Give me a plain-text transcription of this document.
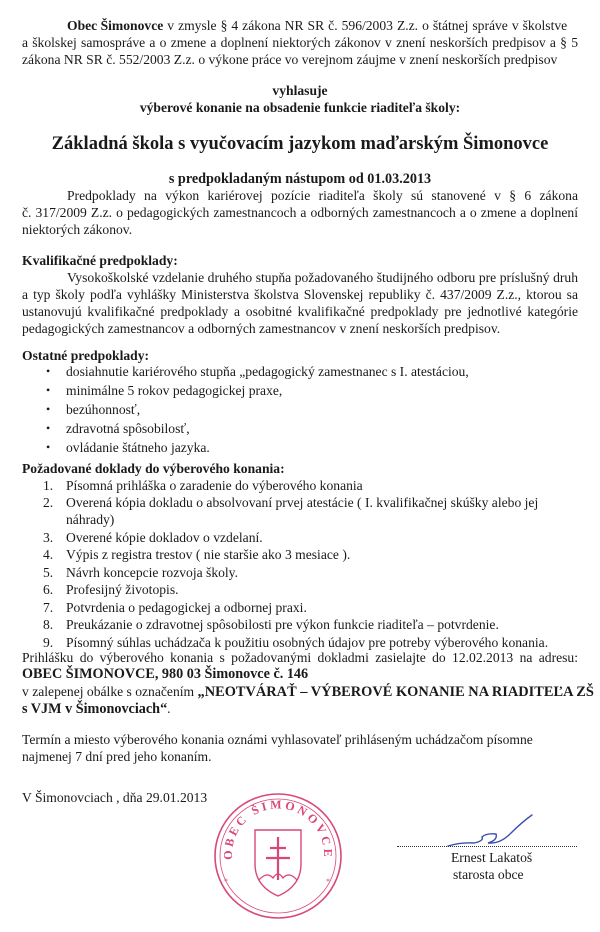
Obec Šimonovce v zmysle § 4 zákona NR SR č. 596/2003 Z.z. o štátnej správe v školstve
a školskej samospráve a o zmene a doplnení niektorých zákonov v znení neskorších predpisov a § 5
zákona NR SR č. 552/2003 Z.z. o výkone práce vo verejnom záujme v znení neskorších predpisov
vyhlasuje
výberové konanie na obsadenie funkcie riaditeľa školy:
Základná škola s vyučovacím jazykom maďarským Šimonovce
s predpokladaným nástupom od 01.03.2013
Predpoklady na výkon kariérovej pozície riaditeľa školy sú stanovené v § 6 zákona
č. 317/2009 Z.z. o pedagogických zamestnancoch a odborných zamestnancoch a o zmene a doplnení
niektorých zákonov.
Kvalifikačné predpoklady:
Vysokoškolské vzdelanie druhého stupňa požadovaného študijného odboru pre príslušný druh
a typ školy podľa vyhlášky Ministerstva školstva Slovenskej republiky č. 437/2009 Z.z., ktorou sa
ustanovujú kvalifikačné predpoklady a osobitné kvalifikačné predpoklady pre jednotlivé kategórie
pedagogických zamestnancov a odborných zamestnancov v znení neskorších predpisov.
Ostatné predpoklady:
• dosiahnutie kariérového stupňa „pedagogický zamestnanec s I. atestáciou,
• minimálne 5 rokov pedagogickej praxe,
• bezúhonnosť,
• zdravotná spôsobilosť,
• ovládanie štátneho jazyka.
Požadované doklady do výberového konania:
1. Písomná prihláška o zaradenie do výberového konania
2. Overená kópia dokladu o absolvovaní prvej atestácie ( I. kvalifikačnej skúšky alebo jej
náhrady)
3. Overené kópie dokladov o vzdelaní.
4. Výpis z registra trestov ( nie staršie ako 3 mesiace ).
5. Návrh koncepcie rozvoja školy.
6. Profesijný životopis.
7. Potvrdenia o pedagogickej a odbornej praxi.
8. Preukázanie o zdravotnej spôsobilosti pre výkon funkcie riaditeľa – potvrdenie.
9. Písomný súhlas uchádzača k použitiu osobných údajov pre potreby výberového konania.
Prihlášku do výberového konania s požadovanými dokladmi zasielajte do 12.02.2013 na adresu:
OBEC ŠIMONOVCE, 980 03 Šimonovce č. 146
v zalepenej obálke s označením „NEOTVÁRAŤ – VÝBEROVÉ KONANIE NA RIADITEĽA ZŠ
s VJM v Šimonovciach“.
Termín a miesto výberového konania oznámi vyhlasovateľ prihláseným uchádzačom písomne
najmenej 7 dní pred jeho konaním.
V Šimonovciach , dňa 29.01.2013
OBEC ŠIMONOVCE
*	*
Ernest Lakatoš
starosta obce
